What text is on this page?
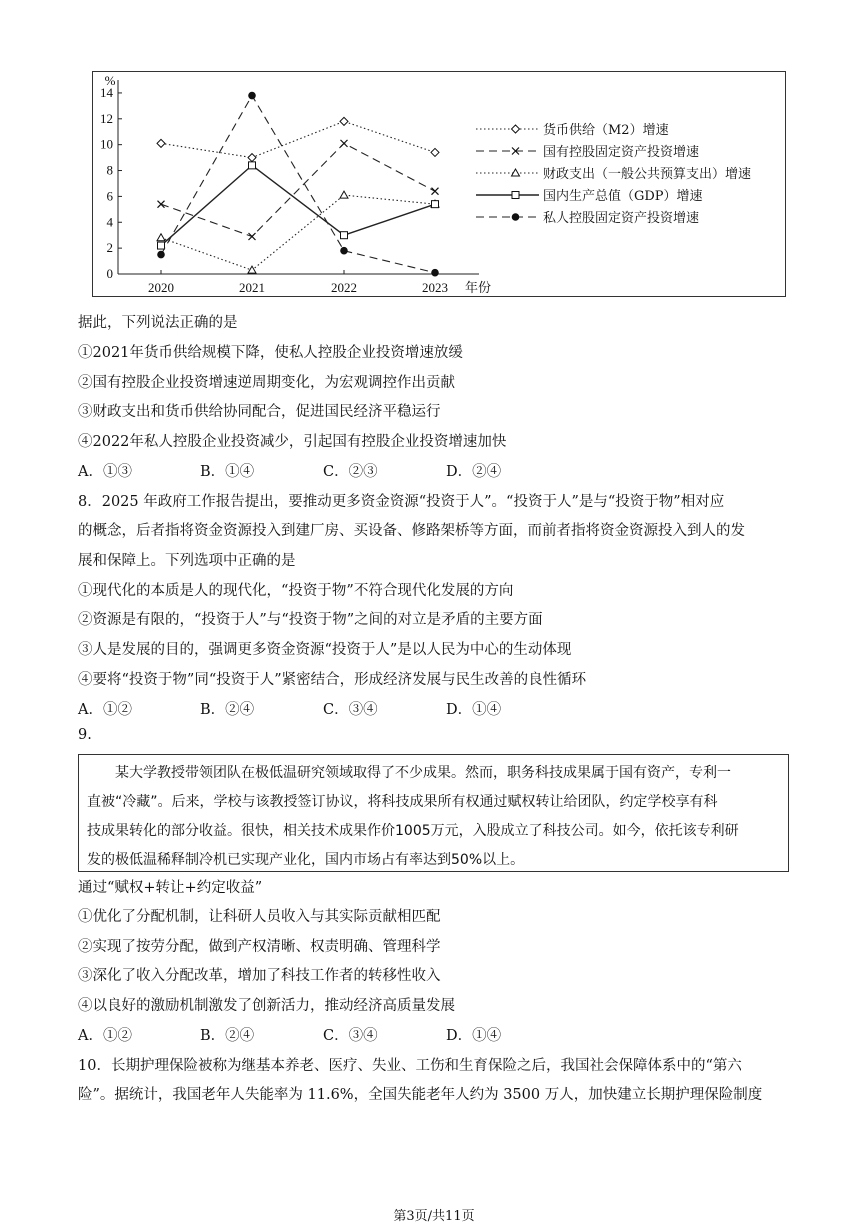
0
2
4
6
8
10
12
14
%
2020	2021	2022	2023 年份
货币供给（M2）增速
国有控股固定资产投资增速
财政支出（一般公共预算支出）增速
国内生产总值（GDP）增速
私人控股固定资产投资增速
据此，下列说法正确的是
①2021年货币供给规模下降，使私人控股企业投资增速放缓
②国有控股企业投资增速逆周期变化，为宏观调控作出贡献
③财政支出和货币供给协同配合，促进国民经济平稳运行
④2022年私人控股企业投资减少，引起国有控股企业投资增速加快
A．①③	B．①④	C．②③	D．②④
8．2025 年政府工作报告提出，要推动更多资金资源“投资于人”。“投资于人”是与“投资于物”相对应
的概念，后者指将资金资源投入到建厂房、买设备、修路架桥等方面，而前者指将资金资源投入到人的发
展和保障上。下列选项中正确的是
①现代化的本质是人的现代化，“投资于物”不符合现代化发展的方向
②资源是有限的，“投资于人”与“投资于物”之间的对立是矛盾的主要方面
③人是发展的目的，强调更多资金资源“投资于人”是以人民为中心的生动体现
④要将“投资于物”同“投资于人”紧密结合，形成经济发展与民生改善的良性循环
A．①②	B．②④	C．③④	D．①④
9.
某大学教授带领团队在极低温研究领域取得了不少成果。然而，职务科技成果属于国有资产，专利一
直被“冷藏”。后来，学校与该教授签订协议，将科技成果所有权通过赋权转让给团队，约定学校享有科
技成果转化的部分收益。很快，相关技术成果作价1005万元，入股成立了科技公司。如今，依托该专利研
发的极低温稀释制冷机已实现产业化，国内市场占有率达到50%以上。
通过“赋权+转让+约定收益”
①优化了分配机制，让科研人员收入与其实际贡献相匹配
②实现了按劳分配，做到产权清晰、权责明确、管理科学
③深化了收入分配改革，增加了科技工作者的转移性收入
④以良好的激励机制激发了创新活力，推动经济高质量发展
A．①②	B．②④	C．③④	D．①④
10．长期护理保险被称为继基本养老、医疗、失业、工伤和生育保险之后，我国社会保障体系中的“第六
险”。据统计，我国老年人失能率为 11.6%，全国失能老年人约为 3500 万人，加快建立长期护理保险制度
第3页/共11页
